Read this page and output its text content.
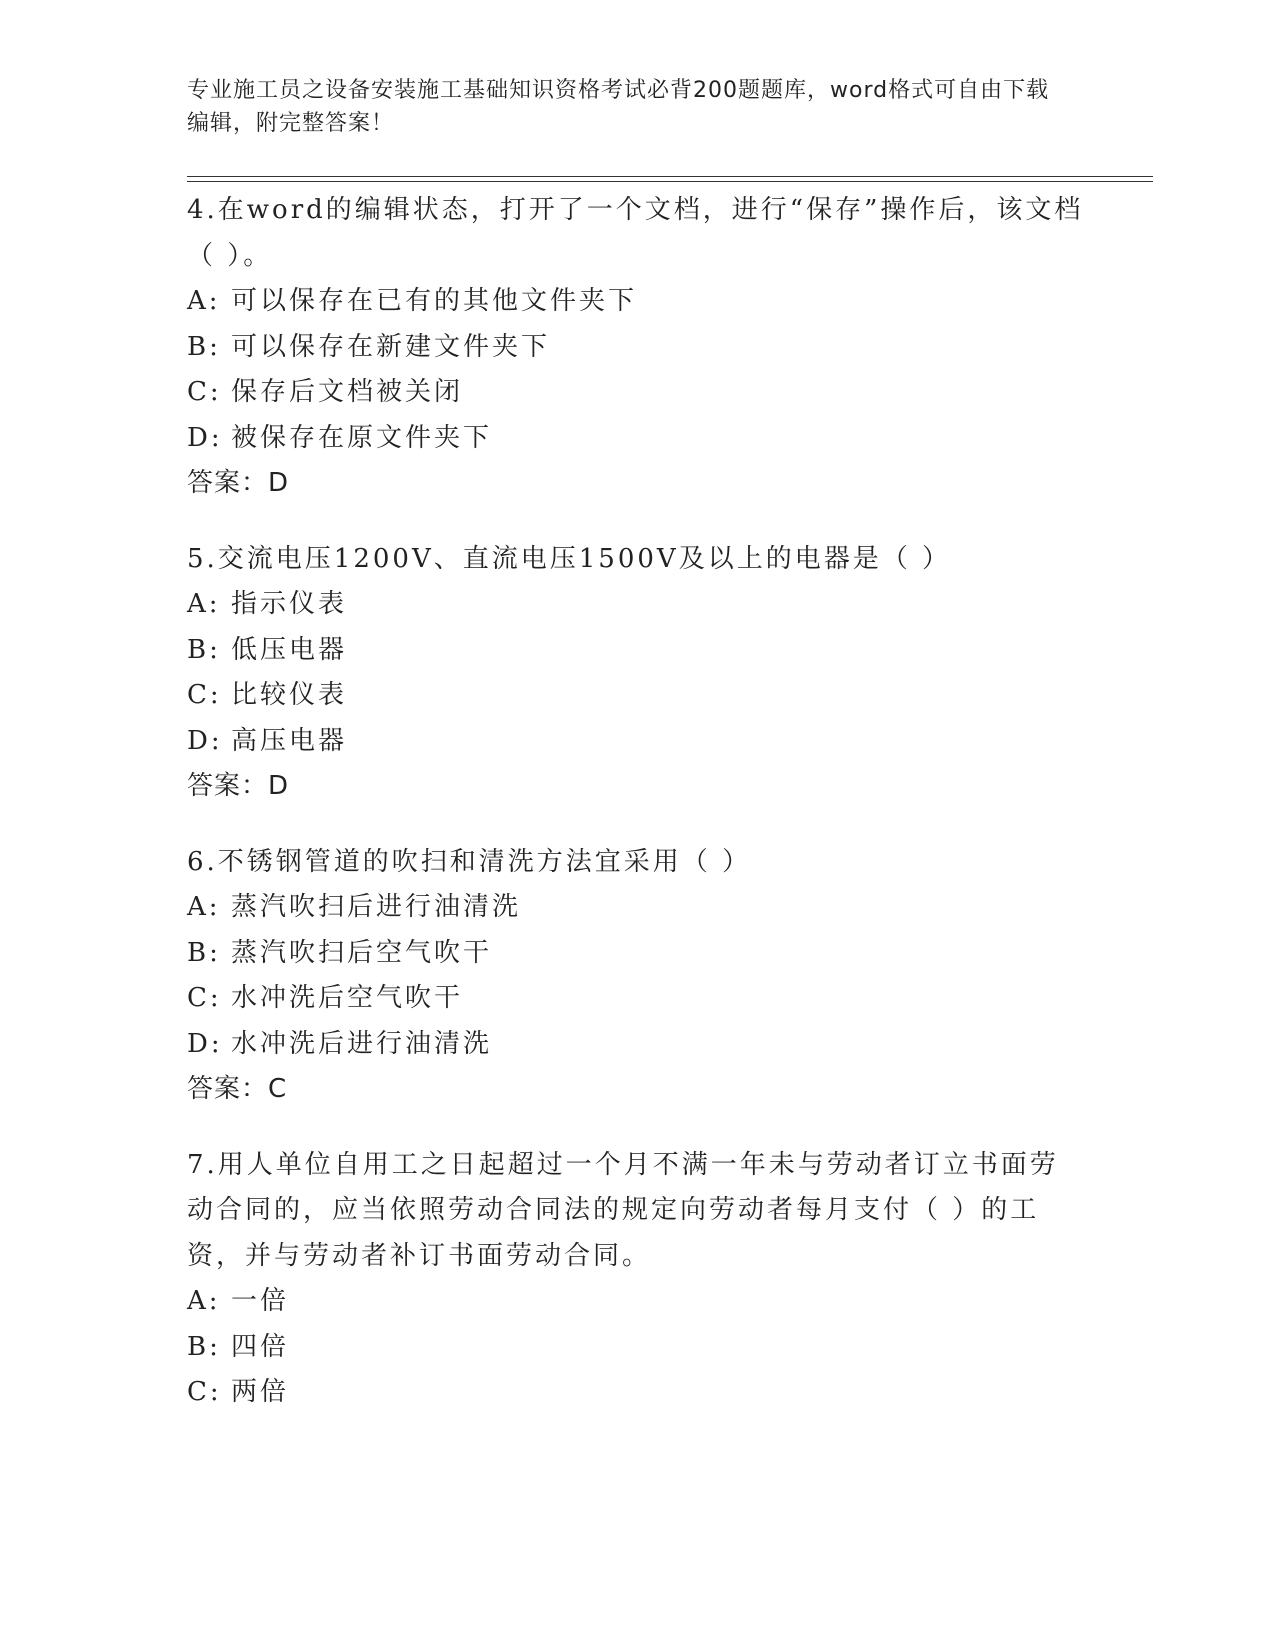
专业施工员之设备安装施工基础知识资格考试必背200题题库，word格式可自由下载编辑，附完整答案！

4.在word的编辑状态，打开了一个文档，进行“保存”操作后，该文档（ ）。

A: 可以保存在已有的其他文件夹下

B: 可以保存在新建文件夹下

C: 保存后文档被关闭

D: 被保存在原文件夹下

答案：D

5.交流电压1200V、直流电压1500V及以上的电器是（ ）

A: 指示仪表

B: 低压电器

C: 比较仪表

D: 高压电器

答案：D

6.不锈钢管道的吹扫和清洗方法宜采用（ ）

A: 蒸汽吹扫后进行油清洗

B: 蒸汽吹扫后空气吹干

C: 水冲洗后空气吹干

D: 水冲洗后进行油清洗

答案：C

7.用人单位自用工之日起超过一个月不满一年未与劳动者订立书面劳动合同的，应当依照劳动合同法的规定向劳动者每月支付（ ）的工资，并与劳动者补订书面劳动合同。

A: 一倍

B: 四倍

C: 两倍
